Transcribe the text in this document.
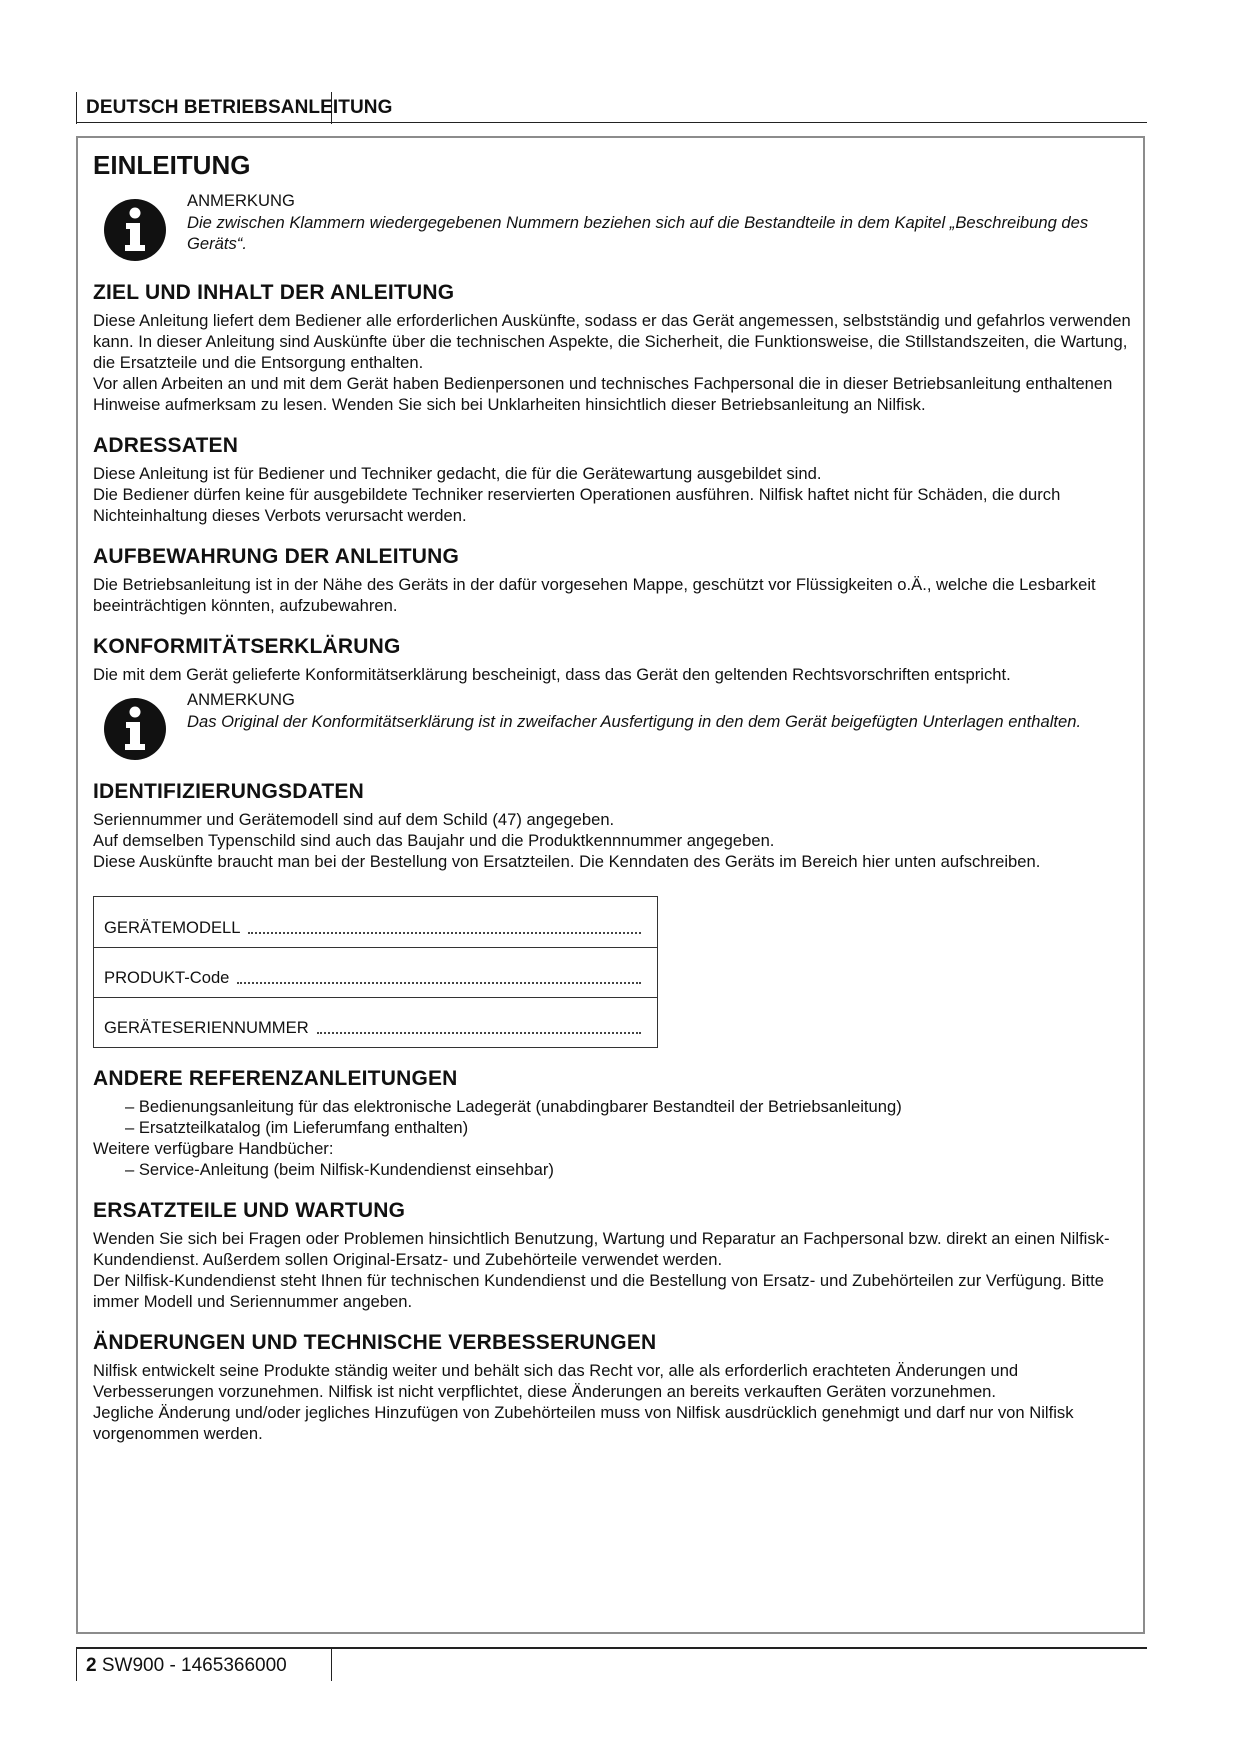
DEUTSCH BETRIEBSANLEITUNG
EINLEITUNG
ANMERKUNG
Die zwischen Klammern wiedergegebenen Nummern beziehen sich auf die Bestandteile in dem Kapitel „Beschreibung des Geräts“.
ZIEL UND INHALT DER ANLEITUNG

Diese Anleitung liefert dem Bediener alle erforderlichen Auskünfte, sodass er das Gerät angemessen, selbstständig und gefahrlos verwenden kann. In dieser Anleitung sind Auskünfte über die technischen Aspekte, die Sicherheit, die Funktionsweise, die Stillstandszeiten, die Wartung, die Ersatzteile und die Entsorgung enthalten.

Vor allen Arbeiten an und mit dem Gerät haben Bedienpersonen und technisches Fachpersonal die in dieser Betriebsanleitung enthaltenen Hinweise aufmerksam zu lesen. Wenden Sie sich bei Unklarheiten hinsichtlich dieser Betriebsanleitung an Nilfisk.

ADRESSATEN

Diese Anleitung ist für Bediener und Techniker gedacht, die für die Gerätewartung ausgebildet sind.

Die Bediener dürfen keine für ausgebildete Techniker reservierten Operationen ausführen. Nilfisk haftet nicht für Schäden, die durch Nichteinhaltung dieses Verbots verursacht werden.

AUFBEWAHRUNG DER ANLEITUNG

Die Betriebsanleitung ist in der Nähe des Geräts in der dafür vorgesehen Mappe, geschützt vor Flüssigkeiten o.Ä., welche die Lesbarkeit beeinträchtigen könnten, aufzubewahren.

KONFORMITÄTSERKLÄRUNG

Die mit dem Gerät gelieferte Konformitätserklärung bescheinigt, dass das Gerät den geltenden Rechtsvorschriften entspricht.

ANMERKUNG
Das Original der Konformitätserklärung ist in zweifacher Ausfertigung in den dem Gerät beigefügten Unterlagen enthalten.
IDENTIFIZIERUNGSDATEN

Seriennummer und Gerätemodell sind auf dem Schild (47) angegeben.

Auf demselben Typenschild sind auch das Baujahr und die Produktkennnummer angegeben.

Diese Auskünfte braucht man bei der Bestellung von Ersatzteilen. Die Kenndaten des Geräts im Bereich hier unten aufschreiben.

GERÄTEMODELL
PRODUKT-Code
GERÄTESERIENNUMMER
ANDERE REFERENZANLEITUNGEN
– Bedienungsanleitung für das elektronische Ladegerät (unabdingbarer Bestandteil der Betriebsanleitung)
– Ersatzteilkatalog (im Lieferumfang enthalten)
Weitere verfügbare Handbücher:
– Service-Anleitung (beim Nilfisk-Kundendienst einsehbar)
ERSATZTEILE UND WARTUNG

Wenden Sie sich bei Fragen oder Problemen hinsichtlich Benutzung, Wartung und Reparatur an Fachpersonal bzw. direkt an einen Nilfisk-Kundendienst. Außerdem sollen Original-Ersatz- und Zubehörteile verwendet werden.

Der Nilfisk-Kundendienst steht Ihnen für technischen Kundendienst und die Bestellung von Ersatz- und Zubehörteilen zur Verfügung. Bitte immer Modell und Seriennummer angeben.

ÄNDERUNGEN UND TECHNISCHE VERBESSERUNGEN

Nilfisk entwickelt seine Produkte ständig weiter und behält sich das Recht vor, alle als erforderlich erachteten Änderungen und Verbesserungen vorzunehmen. Nilfisk ist nicht verpflichtet, diese Änderungen an bereits verkauften Geräten vorzunehmen.

Jegliche Änderung und/oder jegliches Hinzufügen von Zubehörteilen muss von Nilfisk ausdrücklich genehmigt und darf nur von Nilfisk vorgenommen werden.

2 SW900 - 1465366000
